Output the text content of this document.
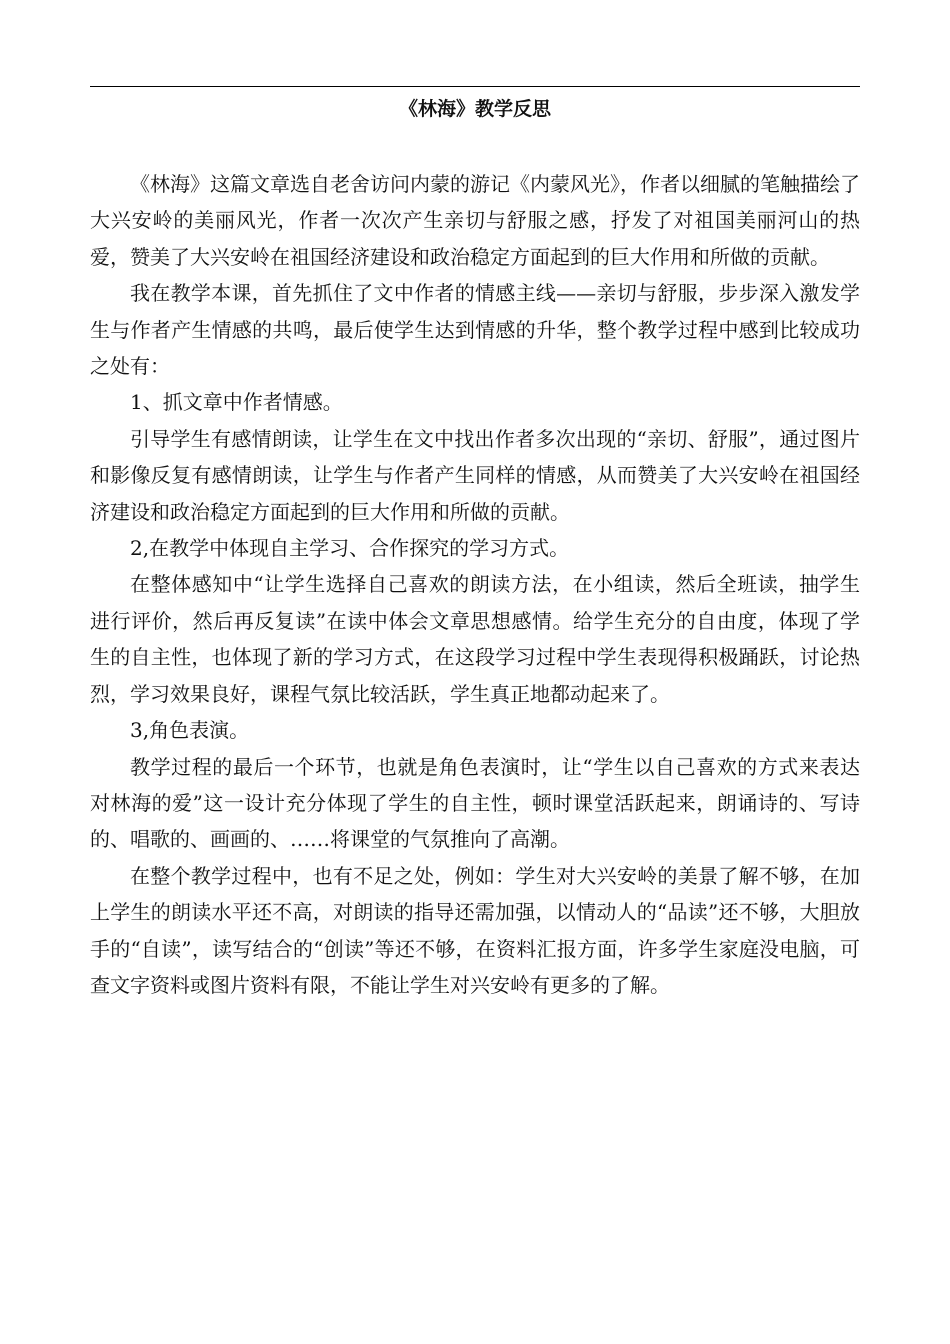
《林海》教学反思

《林海》这篇文章选自老舍访问内蒙的游记《内蒙风光》，作者以细腻的笔触描绘了大兴安岭的美丽风光，作者一次次产生亲切与舒服之感，抒发了对祖国美丽河山的热爱，赞美了大兴安岭在祖国经济建设和政治稳定方面起到的巨大作用和所做的贡献。

我在教学本课，首先抓住了文中作者的情感主线——亲切与舒服，步步深入激发学生与作者产生情感的共鸣，最后使学生达到情感的升华，整个教学过程中感到比较成功之处有：

1、抓文章中作者情感。

引导学生有感情朗读，让学生在文中找出作者多次出现的“亲切、舒服”，通过图片和影像反复有感情朗读，让学生与作者产生同样的情感，从而赞美了大兴安岭在祖国经济建设和政治稳定方面起到的巨大作用和所做的贡献。

2,在教学中体现自主学习、合作探究的学习方式。

在整体感知中“让学生选择自己喜欢的朗读方法，在小组读，然后全班读，抽学生进行评价，然后再反复读”在读中体会文章思想感情。给学生充分的自由度，体现了学生的自主性，也体现了新的学习方式，在这段学习过程中学生表现得积极踊跃，讨论热烈，学习效果良好，课程气氛比较活跃，学生真正地都动起来了。

3,角色表演。

教学过程的最后一个环节，也就是角色表演时，让“学生以自己喜欢的方式来表达对林海的爱”这一设计充分体现了学生的自主性，顿时课堂活跃起来，朗诵诗的、写诗的、唱歌的、画画的、……将课堂的气氛推向了高潮。

在整个教学过程中，也有不足之处，例如：学生对大兴安岭的美景了解不够，在加上学生的朗读水平还不高，对朗读的指导还需加强，以情动人的“品读”还不够，大胆放手的“自读”，读写结合的“创读”等还不够，在资料汇报方面，许多学生家庭没电脑，可查文字资料或图片资料有限，不能让学生对兴安岭有更多的了解。
